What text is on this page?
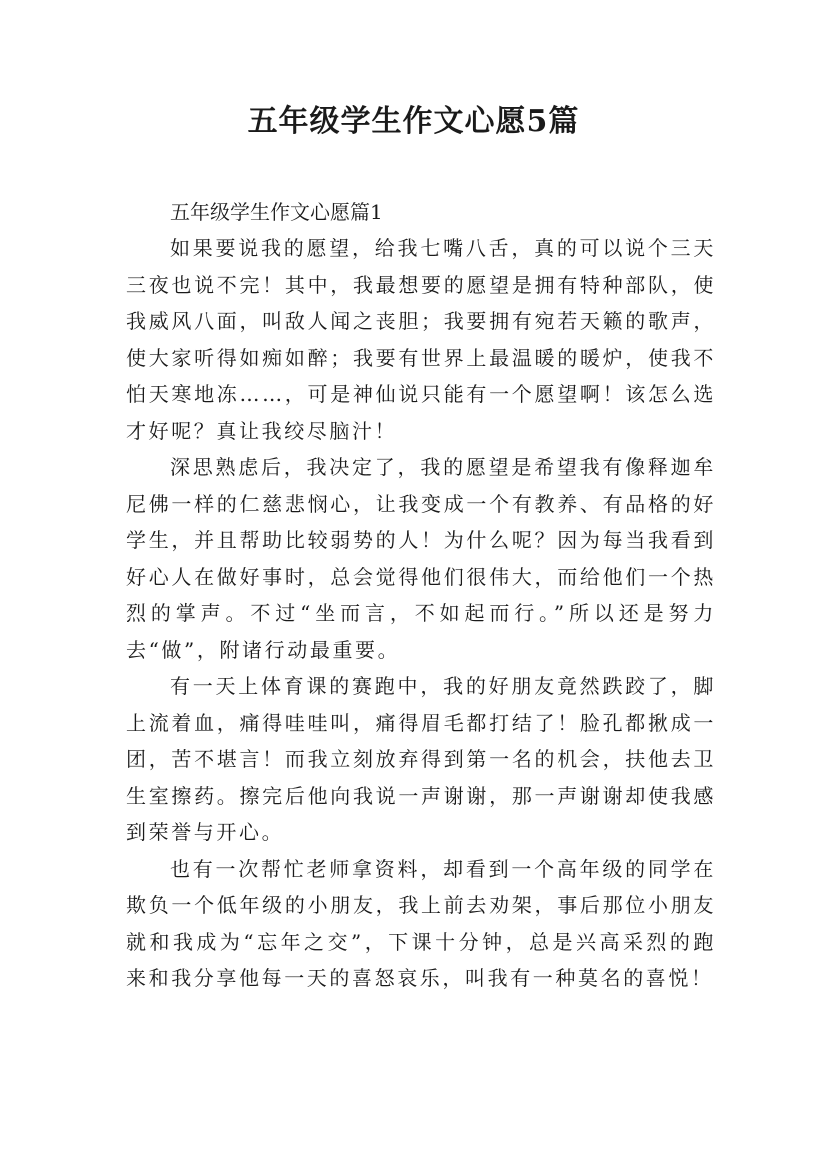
五年级学生作文心愿5篇

五年级学生作文心愿篇1

如果要说我的愿望，给我七嘴八舌，真的可以说个三天三夜也说不完！其中，我最想要的愿望是拥有特种部队，使我威风八面，叫敌人闻之丧胆；我要拥有宛若天籁的歌声，使大家听得如痴如醉；我要有世界上最温暖的暖炉，使我不怕天寒地冻……，可是神仙说只能有一个愿望啊！该怎么选才好呢？真让我绞尽脑汁！

深思熟虑后，我决定了，我的愿望是希望我有像释迦牟尼佛一样的仁慈悲悯心，让我变成一个有教养、有品格的好学生，并且帮助比较弱势的人！为什么呢？因为每当我看到好心人在做好事时，总会觉得他们很伟大，而给他们一个热烈的掌声。不过“坐而言，不如起而行。”所以还是努力去“做”，附诸行动最重要。

有一天上体育课的赛跑中，我的好朋友竟然跌跤了，脚上流着血，痛得哇哇叫，痛得眉毛都打结了！脸孔都揪成一团，苦不堪言！而我立刻放弃得到第一名的机会，扶他去卫生室擦药。擦完后他向我说一声谢谢，那一声谢谢却使我感到荣誉与开心。

也有一次帮忙老师拿资料，却看到一个高年级的同学在欺负一个低年级的小朋友，我上前去劝架，事后那位小朋友就和我成为“忘年之交”，下课十分钟，总是兴高采烈的跑来和我分享他每一天的喜怒哀乐，叫我有一种莫名的喜悦！
